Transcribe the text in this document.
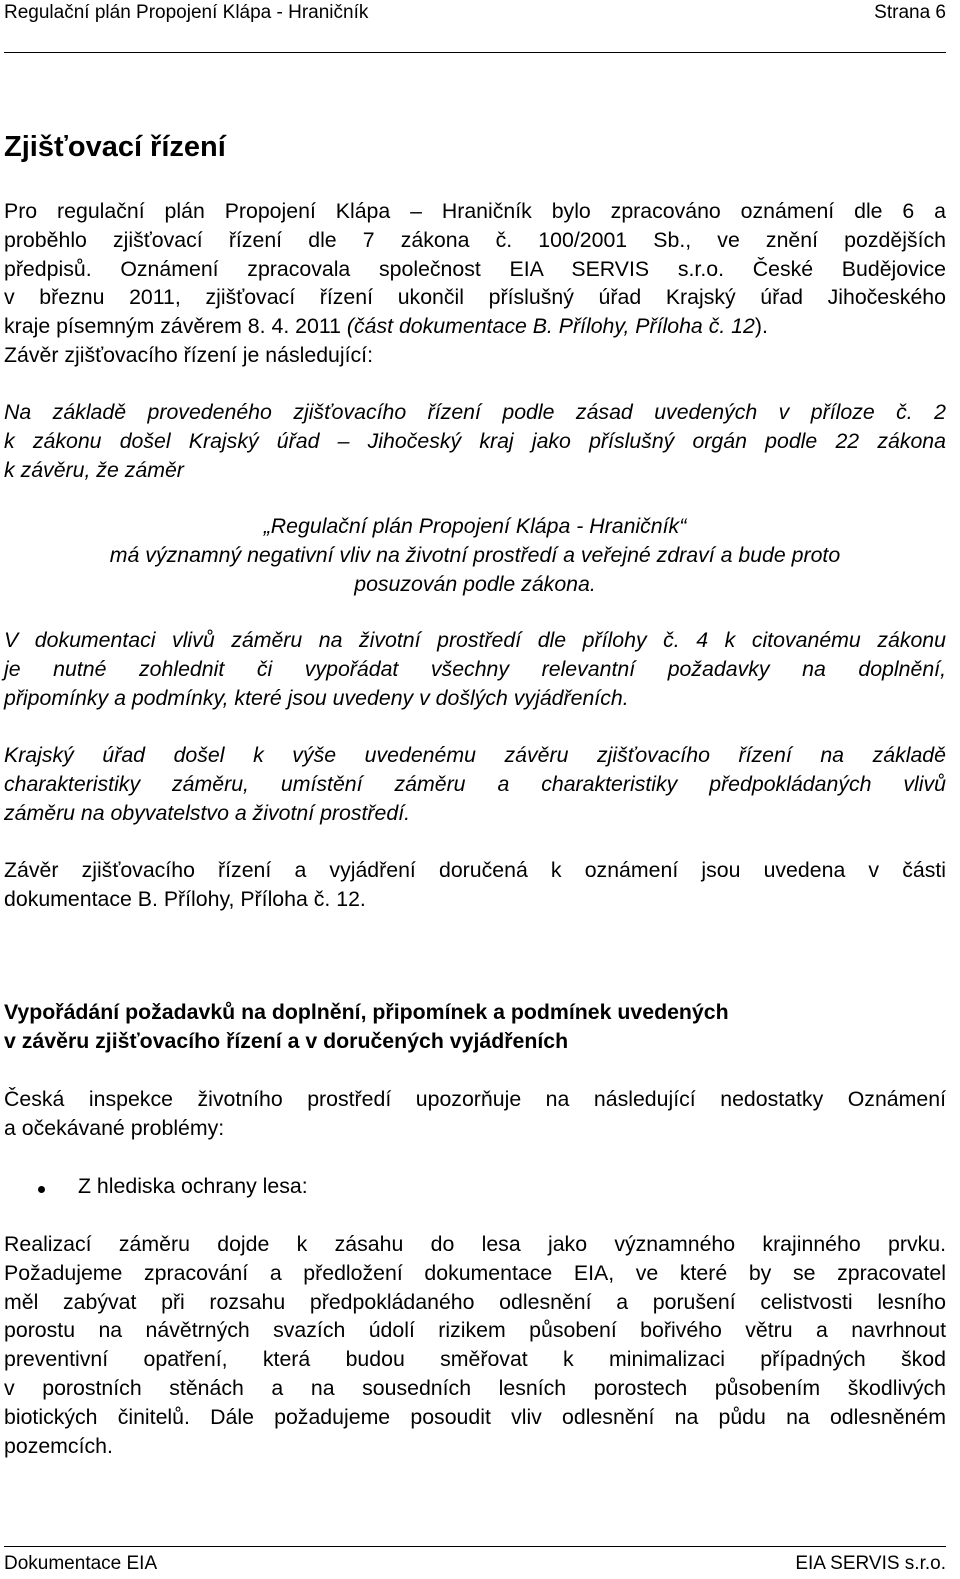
Regulační plán Propojení Klápa - Hraničník	Strana 6
Zjišťovací řízení
Pro regulační plán Propojení Klápa – Hraničník bylo zpracováno oznámení dle 6 a
proběhlo zjišťovací řízení dle 7 zákona č. 100/2001 Sb., ve znění pozdějších
předpisů. Oznámení zpracovala společnost EIA SERVIS s.r.o. České Budějovice
v březnu 2011, zjišťovací řízení ukončil příslušný úřad Krajský úřad Jihočeského
kraje písemným závěrem 8. 4. 2011 (část dokumentace B. Přílohy, Příloha č. 12).
Závěr zjišťovacího řízení je následující:
Na základě provedeného zjišťovacího řízení podle zásad uvedených v příloze č. 2
k zákonu došel Krajský úřad – Jihočeský kraj jako příslušný orgán podle 22 zákona
k závěru, že záměr
„Regulační plán Propojení Klápa - Hraničník“
má významný negativní vliv na životní prostředí a veřejné zdraví a bude proto
posuzován podle zákona.
V dokumentaci vlivů záměru na životní prostředí dle přílohy č. 4 k citovanému zákonu
je nutné zohlednit či vypořádat všechny relevantní požadavky na doplnění,
připomínky a podmínky, které jsou uvedeny v došlých vyjádřeních.
Krajský úřad došel k výše uvedenému závěru zjišťovacího řízení na základě
charakteristiky záměru, umístění záměru a charakteristiky předpokládaných vlivů
záměru na obyvatelstvo a životní prostředí.
Závěr zjišťovacího řízení a vyjádření doručená k oznámení jsou uvedena v části
dokumentace B. Přílohy, Příloha č. 12.
Vypořádání požadavků na doplnění, připomínek a podmínek uvedených
v závěru zjišťovacího řízení a v doručených vyjádřeních
Česká inspekce životního prostředí upozorňuje na následující nedostatky Oznámení
a očekávané problémy:
Z hlediska ochrany lesa:
Realizací záměru dojde k zásahu do lesa jako významného krajinného prvku.
Požadujeme zpracování a předložení dokumentace EIA, ve které by se zpracovatel
měl zabývat při rozsahu předpokládaného odlesnění a porušení celistvosti lesního
porostu na návětrných svazích údolí rizikem působení bořivého větru a navrhnout
preventivní opatření, která budou směřovat k minimalizaci případných škod
v porostních stěnách a na sousedních lesních porostech působením škodlivých
biotických činitelů. Dále požadujeme posoudit vliv odlesnění na půdu na odlesněném
pozemcích.
Dokumentace EIA	EIA SERVIS s.r.o.
